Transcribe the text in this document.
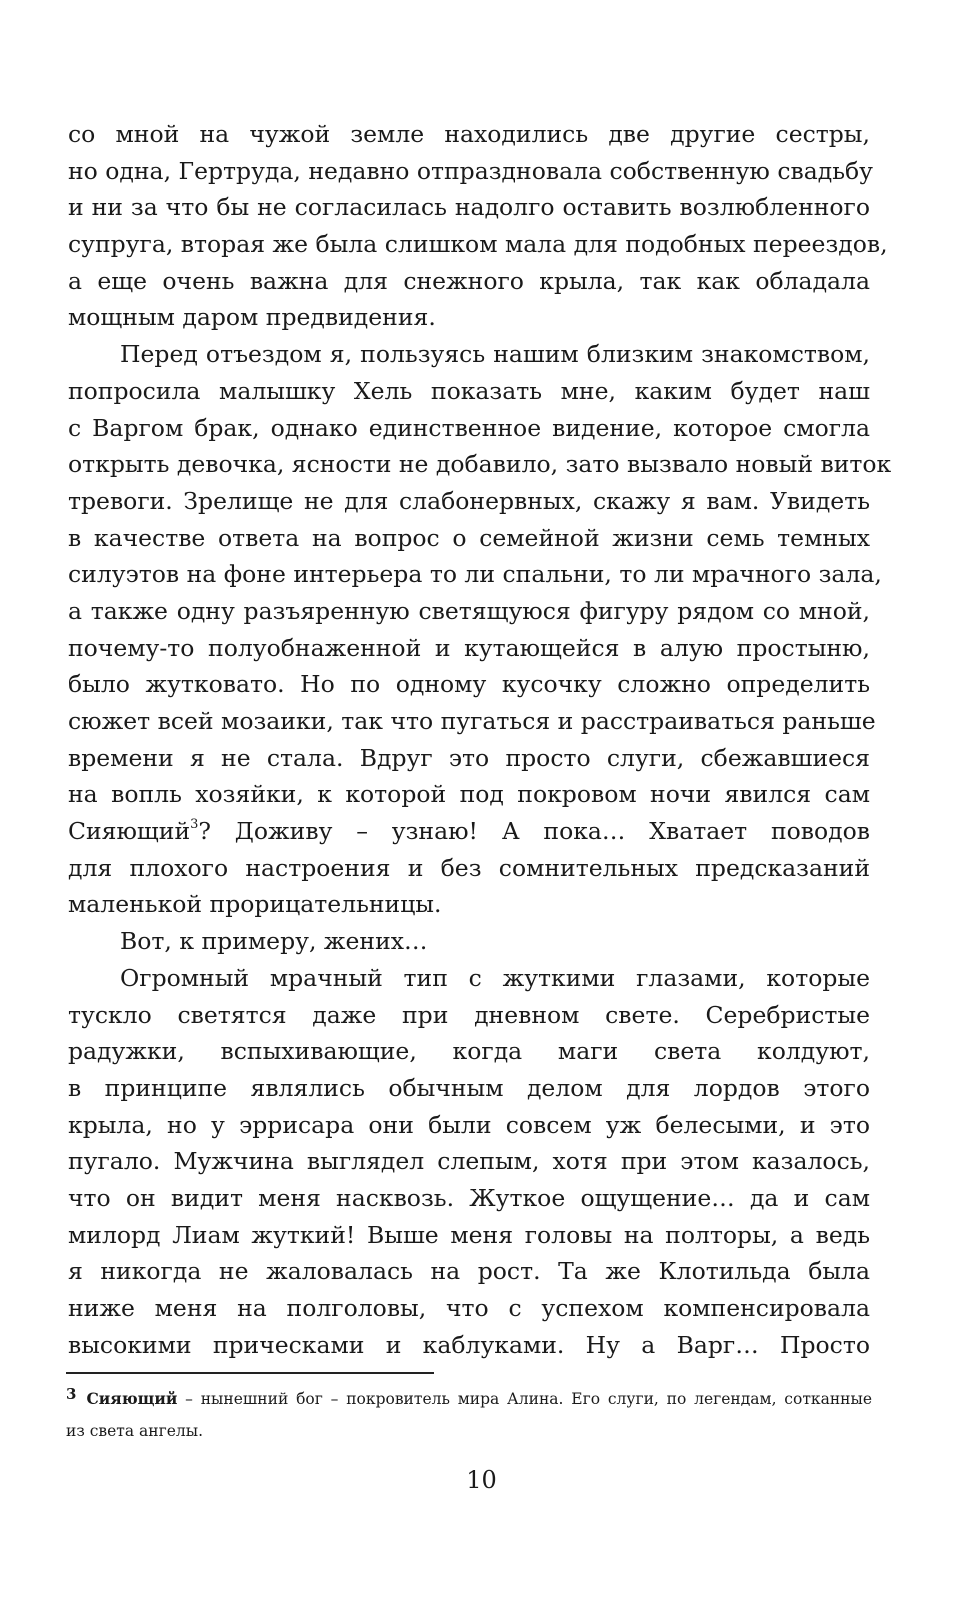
со мной на чужой земле находились две другие сестры,
но одна, Гертруда, недавно отпраздновала собственную свадьбу
и ни за что бы не согласилась надолго оставить возлюбленного
супруга, вторая же была слишком мала для подобных переездов,
а еще очень важна для снежного крыла, так как обладала
мощным даром предвидения.
Перед отъездом я, пользуясь нашим близким знакомством,
попросила малышку Хель показать мне, каким будет наш
с Варгом брак, однако единственное видение, которое смогла
открыть девочка, ясности не добавило, зато вызвало новый виток
тревоги. Зрелище не для слабонервных, скажу я вам. Увидеть
в качестве ответа на вопрос о семейной жизни семь темных
силуэтов на фоне интерьера то ли спальни, то ли мрачного зала,
а также одну разъяренную светящуюся фигуру рядом со мной,
почему-то полуобнаженной и кутающейся в алую простыню,
было жутковато. Но по одному кусочку сложно определить
сюжет всей мозаики, так что пугаться и расстраиваться раньше
времени я не стала. Вдруг это просто слуги, сбежавшиеся
на вопль хозяйки, к которой под покровом ночи явился сам
Сияющий$^3$? Доживу – узнаю! А пока… Хватает поводов
для плохого настроения и без сомнительных предсказаний
маленькой прорицательницы.
Вот, к примеру, жених…
Огромный мрачный тип с жуткими глазами, которые
тускло светятся даже при дневном свете. Серебристые
радужки, вспыхивающие, когда маги света колдуют,
в принципе являлись обычным делом для лордов этого
крыла, но у эррисара они были совсем уж белесыми, и это
пугало. Мужчина выглядел слепым, хотя при этом казалось,
что он видит меня насквозь. Жуткое ощущение… да и сам
милорд Лиам жуткий! Выше меня головы на полторы, а ведь
я никогда не жаловалась на рост. Та же Клотильда была
ниже меня на полголовы, что с успехом компенсировала
высокими прическами и каблуками. Ну а Варг… Просто
3 Сияющий – нынешний бог – покровитель мира Алина. Его слуги, по легендам, сотканные
из света ангелы.
10
